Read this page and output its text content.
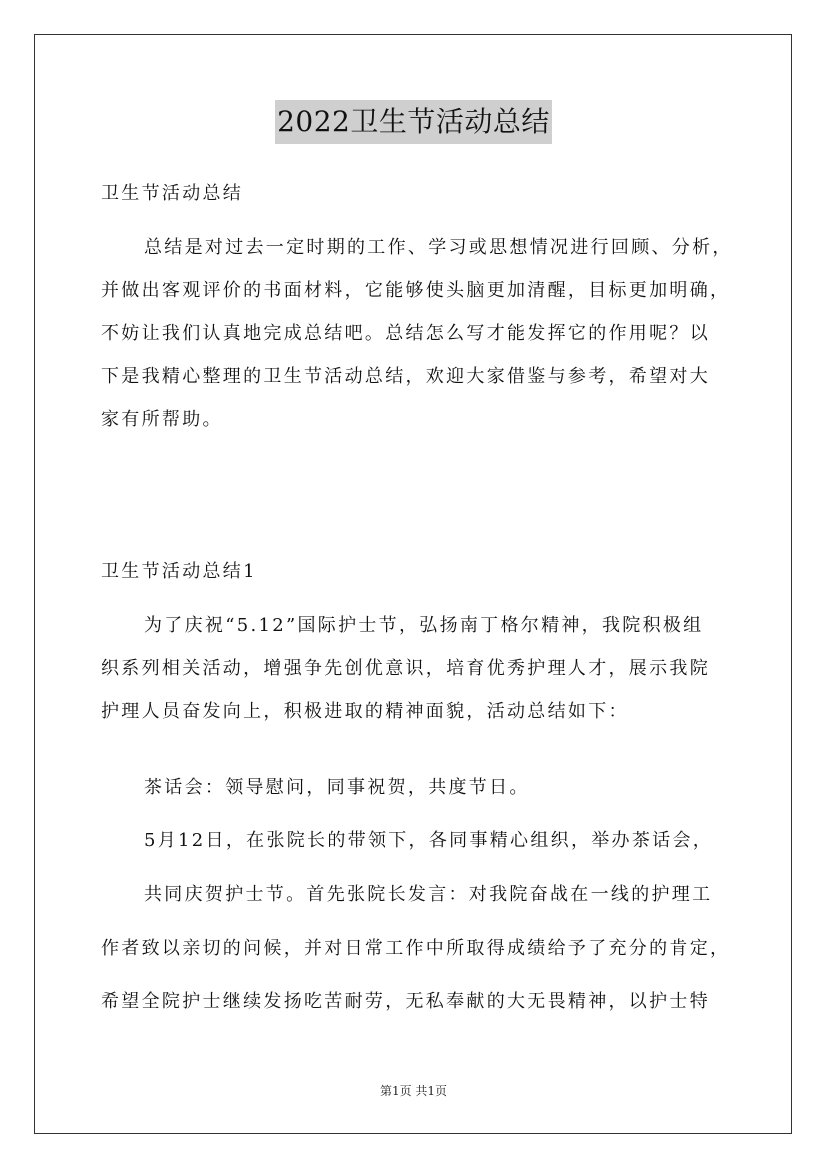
2022卫生节活动总结
卫生节活动总结
总结是对过去一定时期的工作、学习或思想情况进行回顾、分析，
并做出客观评价的书面材料，它能够使头脑更加清醒，目标更加明确，
不妨让我们认真地完成总结吧。总结怎么写才能发挥它的作用呢？以
下是我精心整理的卫生节活动总结，欢迎大家借鉴与参考，希望对大
家有所帮助。
卫生节活动总结1
为了庆祝“5.12”国际护士节，弘扬南丁格尔精神，我院积极组
织系列相关活动，增强争先创优意识，培育优秀护理人才，展示我院
护理人员奋发向上，积极进取的精神面貌，活动总结如下：
茶话会：领导慰问，同事祝贺，共度节日。
5月12日，在张院长的带领下，各同事精心组织，举办茶话会，
共同庆贺护士节。首先张院长发言：对我院奋战在一线的护理工
作者致以亲切的问候，并对日常工作中所取得成绩给予了充分的肯定，
希望全院护士继续发扬吃苦耐劳，无私奉献的大无畏精神，以护士特
第1页 共1页
